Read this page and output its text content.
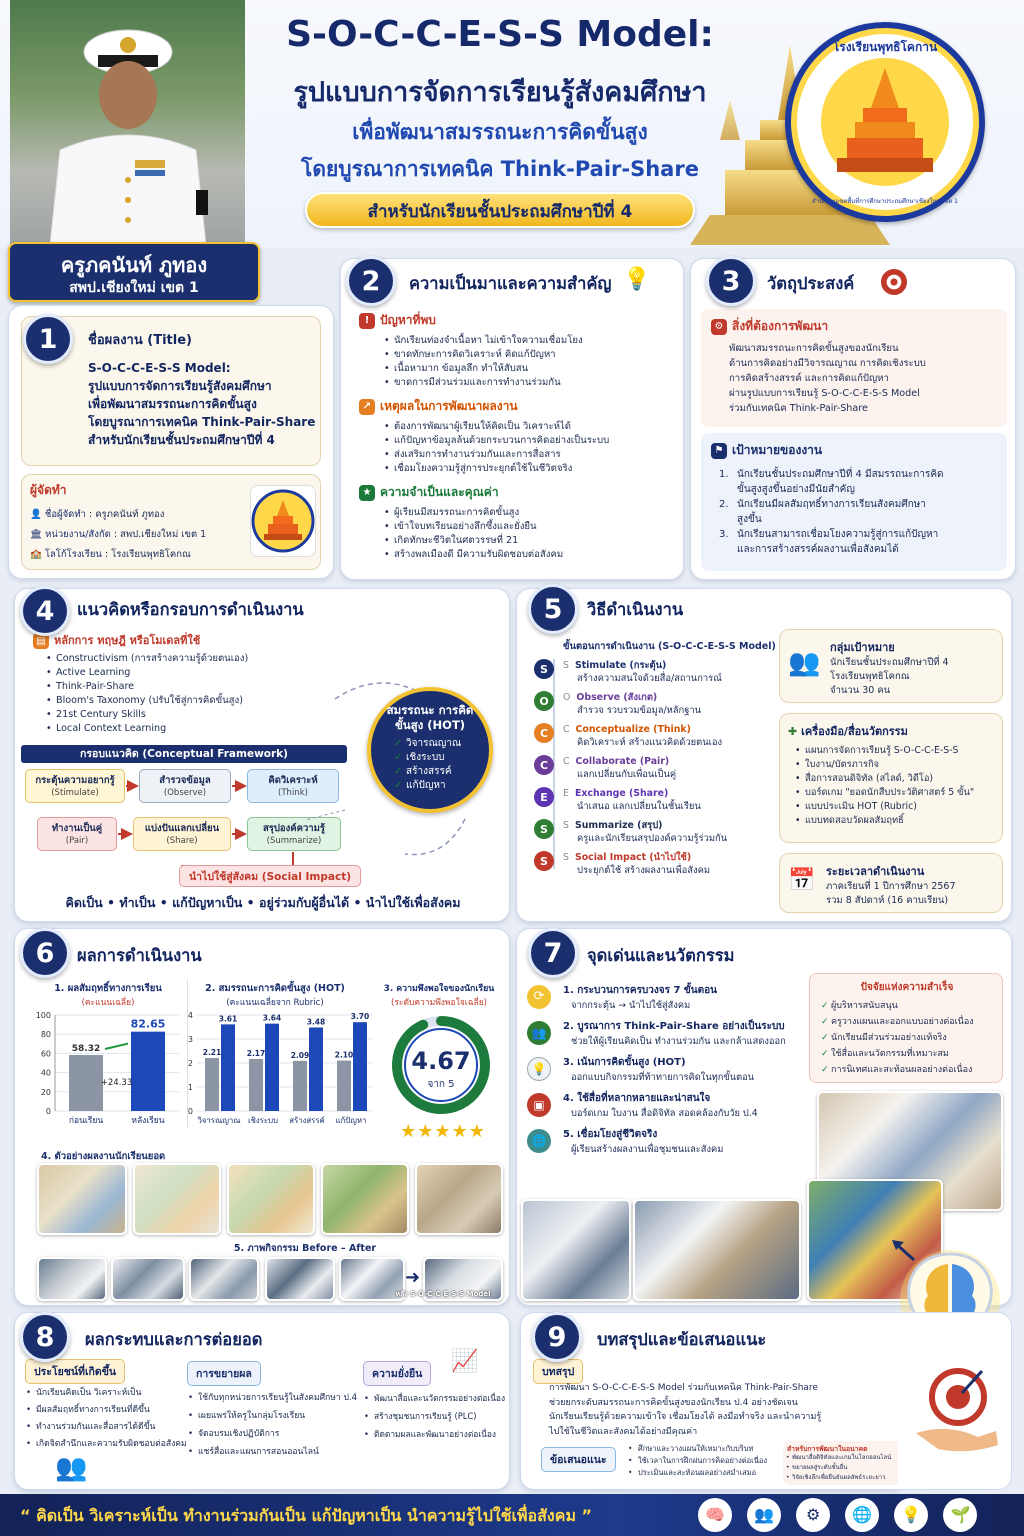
S-O-C-C-E-S-S Model:
รูปแบบการจัดการเรียนรู้สังคมศึกษา
เพื่อพัฒนาสมรรถนะการคิดขั้นสูง
โดยบูรณาการเทคนิค Think-Pair-Share
สำหรับนักเรียนชั้นประถมศึกษาปีที่ 4
โรงเรียนพุทธิโคกาน
สำนักงานเขตพื้นที่การศึกษาประถมศึกษาเชียงใหม่ เขต 1
ครูภคนันท์ ภูทอง
สพป.เชียงใหม่ เขต 1
ชื่อผลงาน (Title)
S-O-C-C-E-S-S Model:
รูปแบบการจัดการเรียนรู้สังคมศึกษา
เพื่อพัฒนาสมรรถนะการคิดขั้นสูง
โดยบูรณาการเทคนิค Think-Pair-Share
สำหรับนักเรียนชั้นประถมศึกษาปีที่ 4
1
ผู้จัดทำ
👤 ชื่อผู้จัดทำ : ครูภคนันท์ ภูทอง
🏛 หน่วยงาน/สังกัด : สพป.เชียงใหม่ เขต 1
🏫 โลโก้โรงเรียน : โรงเรียนพุทธิโคกณ
ความเป็นมาและความสำคัญ 💡
! ปัญหาที่พบ
• นักเรียนท่องจำเนื้อหา ไม่เข้าใจความเชื่อมโยง
• ขาดทักษะการคิดวิเคราะห์ คิดแก้ปัญหา
• เนื้อหามาก ข้อมูลลึก ทำให้สับสน
• ขาดการมีส่วนร่วมและการทำงานร่วมกัน
↗ เหตุผลในการพัฒนาผลงาน
• ต้องการพัฒนาผู้เรียนให้คิดเป็น วิเคราะห์ได้
• แก้ปัญหาข้อมูลล้นด้วยกระบวนการคิดอย่างเป็นระบบ
• ส่งเสริมการทำงานร่วมกันและการสื่อสาร
• เชื่อมโยงความรู้สู่การประยุกต์ใช้ในชีวิตจริง
★ ความจำเป็นและคุณค่า
• ผู้เรียนมีสมรรถนะการคิดขั้นสูง
• เข้าใจบทเรียนอย่างลึกซึ้งและยั่งยืน
• เกิดทักษะชีวิตในศตวรรษที่ 21
• สร้างพลเมืองดี มีความรับผิดชอบต่อสังคม
2	วัตถุประสงค์
⚙ สิ่งที่ต้องการพัฒนา
พัฒนาสมรรถนะการคิดขั้นสูงของนักเรียน
ด้านการคิดอย่างมีวิจารณญาณ การคิดเชิงระบบ
การคิดสร้างสรรค์ และการคิดแก้ปัญหา
ผ่านรูปแบบการเรียนรู้ S-O-C-C-E-S-S Model
ร่วมกับเทคนิค Think-Pair-Share
⚑ เป้าหมายของงาน
1. นักเรียนชั้นประถมศึกษาปีที่ 4 มีสมรรถนะการคิด
ขั้นสูงสูงขึ้นอย่างมีนัยสำคัญ
2. นักเรียนมีผลสัมฤทธิ์ทางการเรียนสังคมศึกษา
สูงขึ้น
3. นักเรียนสามารถเชื่อมโยงความรู้สู่การแก้ปัญหา
และการสร้างสรรค์ผลงานเพื่อสังคมได้
3
แนวคิดหรือกรอบการดำเนินงาน
▤ หลักการ ทฤษฎี หรือโมเดลที่ใช้
• Constructivism (การสร้างความรู้ด้วยตนเอง)
• Active Learning
• Think-Pair-Share
• Bloom's Taxonomy (ปรับใช้สู่การคิดขั้นสูง)
• 21st Century Skills
• Local Context Learning
สมรรถนะ การคิดขั้นสูง (HOT)
✓ วิจารณญาณ
✓ เชิงระบบ
✓ สร้างสรรค์
✓ แก้ปัญหา
กรอบแนวคิด (Conceptual Framework)
กระตุ้นความอยากรู้
(Stimulate)
สำรวจข้อมูล
(Observe)
คิดวิเคราะห์
(Think)
ทำงานเป็นคู่
(Pair)
แบ่งปันแลกเปลี่ยน
(Share)
สรุปองค์ความรู้
(Summarize)
นำไปใช้สู่สังคม (Social Impact)
คิดเป็น • ทำเป็น • แก้ปัญหาเป็น • อยู่ร่วมกับผู้อื่นได้ • นำไปใช้เพื่อสังคม
4	วิธีดำเนินงาน
ขั้นตอนการดำเนินงาน (S-O-C-C-E-S-S Model)
S	S Stimulate (กระตุ้น)
สร้างความสนใจด้วยสื่อ/สถานการณ์
O	O Observe (สังเกต)
สำรวจ รวบรวมข้อมูล/หลักฐาน
C	C Conceptualize (Think)
คิดวิเคราะห์ สร้างแนวคิดด้วยตนเอง
C	C Collaborate (Pair)
แลกเปลี่ยนกับเพื่อนเป็นคู่
E	E Exchange (Share)
นำเสนอ แลกเปลี่ยนในชั้นเรียน
S	S Summarize (สรุป)
ครูและนักเรียนสรุปองค์ความรู้ร่วมกัน
S	S Social Impact (นำไปใช้)
ประยุกต์ใช้ สร้างผลงานเพื่อสังคม
👥
กลุ่มเป้าหมาย
นักเรียนชั้นประถมศึกษาปีที่ 4
โรงเรียนพุทธิโคกณ
จำนวน 30 คน
✚ เครื่องมือ/สื่อนวัตกรรม
• แผนการจัดการเรียนรู้ S-O-C-C-E-S-S
• ใบงาน/บัตรภารกิจ
• สื่อการสอนดิจิทัล (สไลด์, วิดีโอ)
• บอร์ดเกม "ยอดนักสืบประวัติศาสตร์ 5 ขั้น"
• แบบประเมิน HOT (Rubric)
• แบบทดสอบวัดผลสัมฤทธิ์
📅 ระยะเวลาดำเนินงาน
ภาคเรียนที่ 1 ปีการศึกษา 2567
รวม 8 สัปดาห์ (16 คาบเรียน)
5
ผลการดำเนินงาน
1. ผลสัมฤทธิ์ทางการเรียน
(คะแนนเฉลี่ย)
0
20
40
60
80
100
58.32
ก่อนเรียน
82.65
หลังเรียน
+24.33
2. สมรรถนะการคิดขั้นสูง (HOT)
(คะแนนเฉลี่ยจาก Rubric)
0
1
2
3
4
2.21
3.61
วิจารณญาณ
2.17
3.64
เชิงระบบ
2.09
3.48
สร้างสรรค์
2.10
3.70
แก้ปัญหา
3. ความพึงพอใจของนักเรียน
(ระดับความพึงพอใจเฉลี่ย)
4.67
จาก 5
★★★★★
4. ตัวอย่างผลงานนักเรียนยอด
5. ภาพกิจกรรม Before – After
➜
หลัง S-O-C-C-E-S-S Model
6	จุดเด่นและนวัตกรรม
⟳	1. กระบวนการครบวงจร 7 ขั้นตอน
จากกระตุ้น → นำไปใช้สู่สังคม
👥	2. บูรณาการ Think-Pair-Share อย่างเป็นระบบ
ช่วยให้ผู้เรียนคิดเป็น ทำงานร่วมกัน และกล้าแสดงออก
💡	3. เน้นการคิดขั้นสูง (HOT)
ออกแบบกิจกรรมที่ท้าทายการคิดในทุกขั้นตอน
▣	4. ใช้สื่อที่หลากหลายและน่าสนใจ
บอร์ดเกม ใบงาน สื่อดิจิทัล สอดคล้องกับวัย ป.4
🌐	5. เชื่อมโยงสู่ชีวิตจริง
ผู้เรียนสร้างผลงานเพื่อชุมชนและสังคม
ปัจจัยแห่งความสำเร็จ
✓ ผู้บริหารสนับสนุน
✓ ครูวางแผนและออกแบบอย่างต่อเนื่อง
✓ นักเรียนมีส่วนร่วมอย่างแท้จริง
✓ ใช้สื่อและนวัตกรรมที่เหมาะสม
✓ การนิเทศและสะท้อนผลอย่างต่อเนื่อง
7
ผลกระทบและการต่อยอด
ประโยชน์ที่เกิดขึ้น
• นักเรียนคิดเป็น วิเคราะห์เป็น
• มีผลสัมฤทธิ์ทางการเรียนที่ดีขึ้น
• ทำงานร่วมกันและสื่อสารได้ดีขึ้น
• เกิดจิตสำนึกและความรับผิดชอบต่อสังคม
👥
การขยายผล
• ใช้กับทุกหน่วยการเรียนรู้ในสังคมศึกษา ป.4
• เผยแพร่ให้ครูในกลุ่มโรงเรียน
• จัดอบรมเชิงปฏิบัติการ
• แชร์สื่อและแผนการสอนออนไลน์
ความยั่งยืน	📈
• พัฒนาสื่อและนวัตกรรมอย่างต่อเนื่อง
• สร้างชุมชนการเรียนรู้ (PLC)
• ติดตามผลและพัฒนาอย่างต่อเนื่อง
8	บทสรุปและข้อเสนอแนะ
บทสรุป
การพัฒนา S-O-C-C-E-S-S Model ร่วมกับเทคนิค Think-Pair-Share
ช่วยยกระดับสมรรถนะการคิดขั้นสูงของนักเรียน ป.4 อย่างชัดเจน
นักเรียนเรียนรู้ด้วยความเข้าใจ เชื่อมโยงได้ ลงมือทำจริง และนำความรู้
ไปใช้ในชีวิตและสังคมได้อย่างมีคุณค่า
ข้อเสนอแนะ
• ศึกษาและวางแผนให้เหมาะกับบริบท
• ใช้เวลาในการฝึกฝนการคิดอย่างต่อเนื่อง
• ประเมินและสะท้อนผลอย่างสม่ำเสมอ
สำหรับการพัฒนาในอนาคต
• พัฒนาสื่อดิจิทัลและเกมในโลกออนไลน์
• ขยายผลสู่ระดับชั้นอื่น
• วิจัยเชิงลึกเพื่อยืนยันผลลัพธ์ระยะยาว
9
“ คิดเป็น วิเคราะห์เป็น ทำงานร่วมกันเป็น แก้ปัญหาเป็น นำความรู้ไปใช้เพื่อสังคม ”	🧠 👥 ⚙ 🌐 💡 🌱
